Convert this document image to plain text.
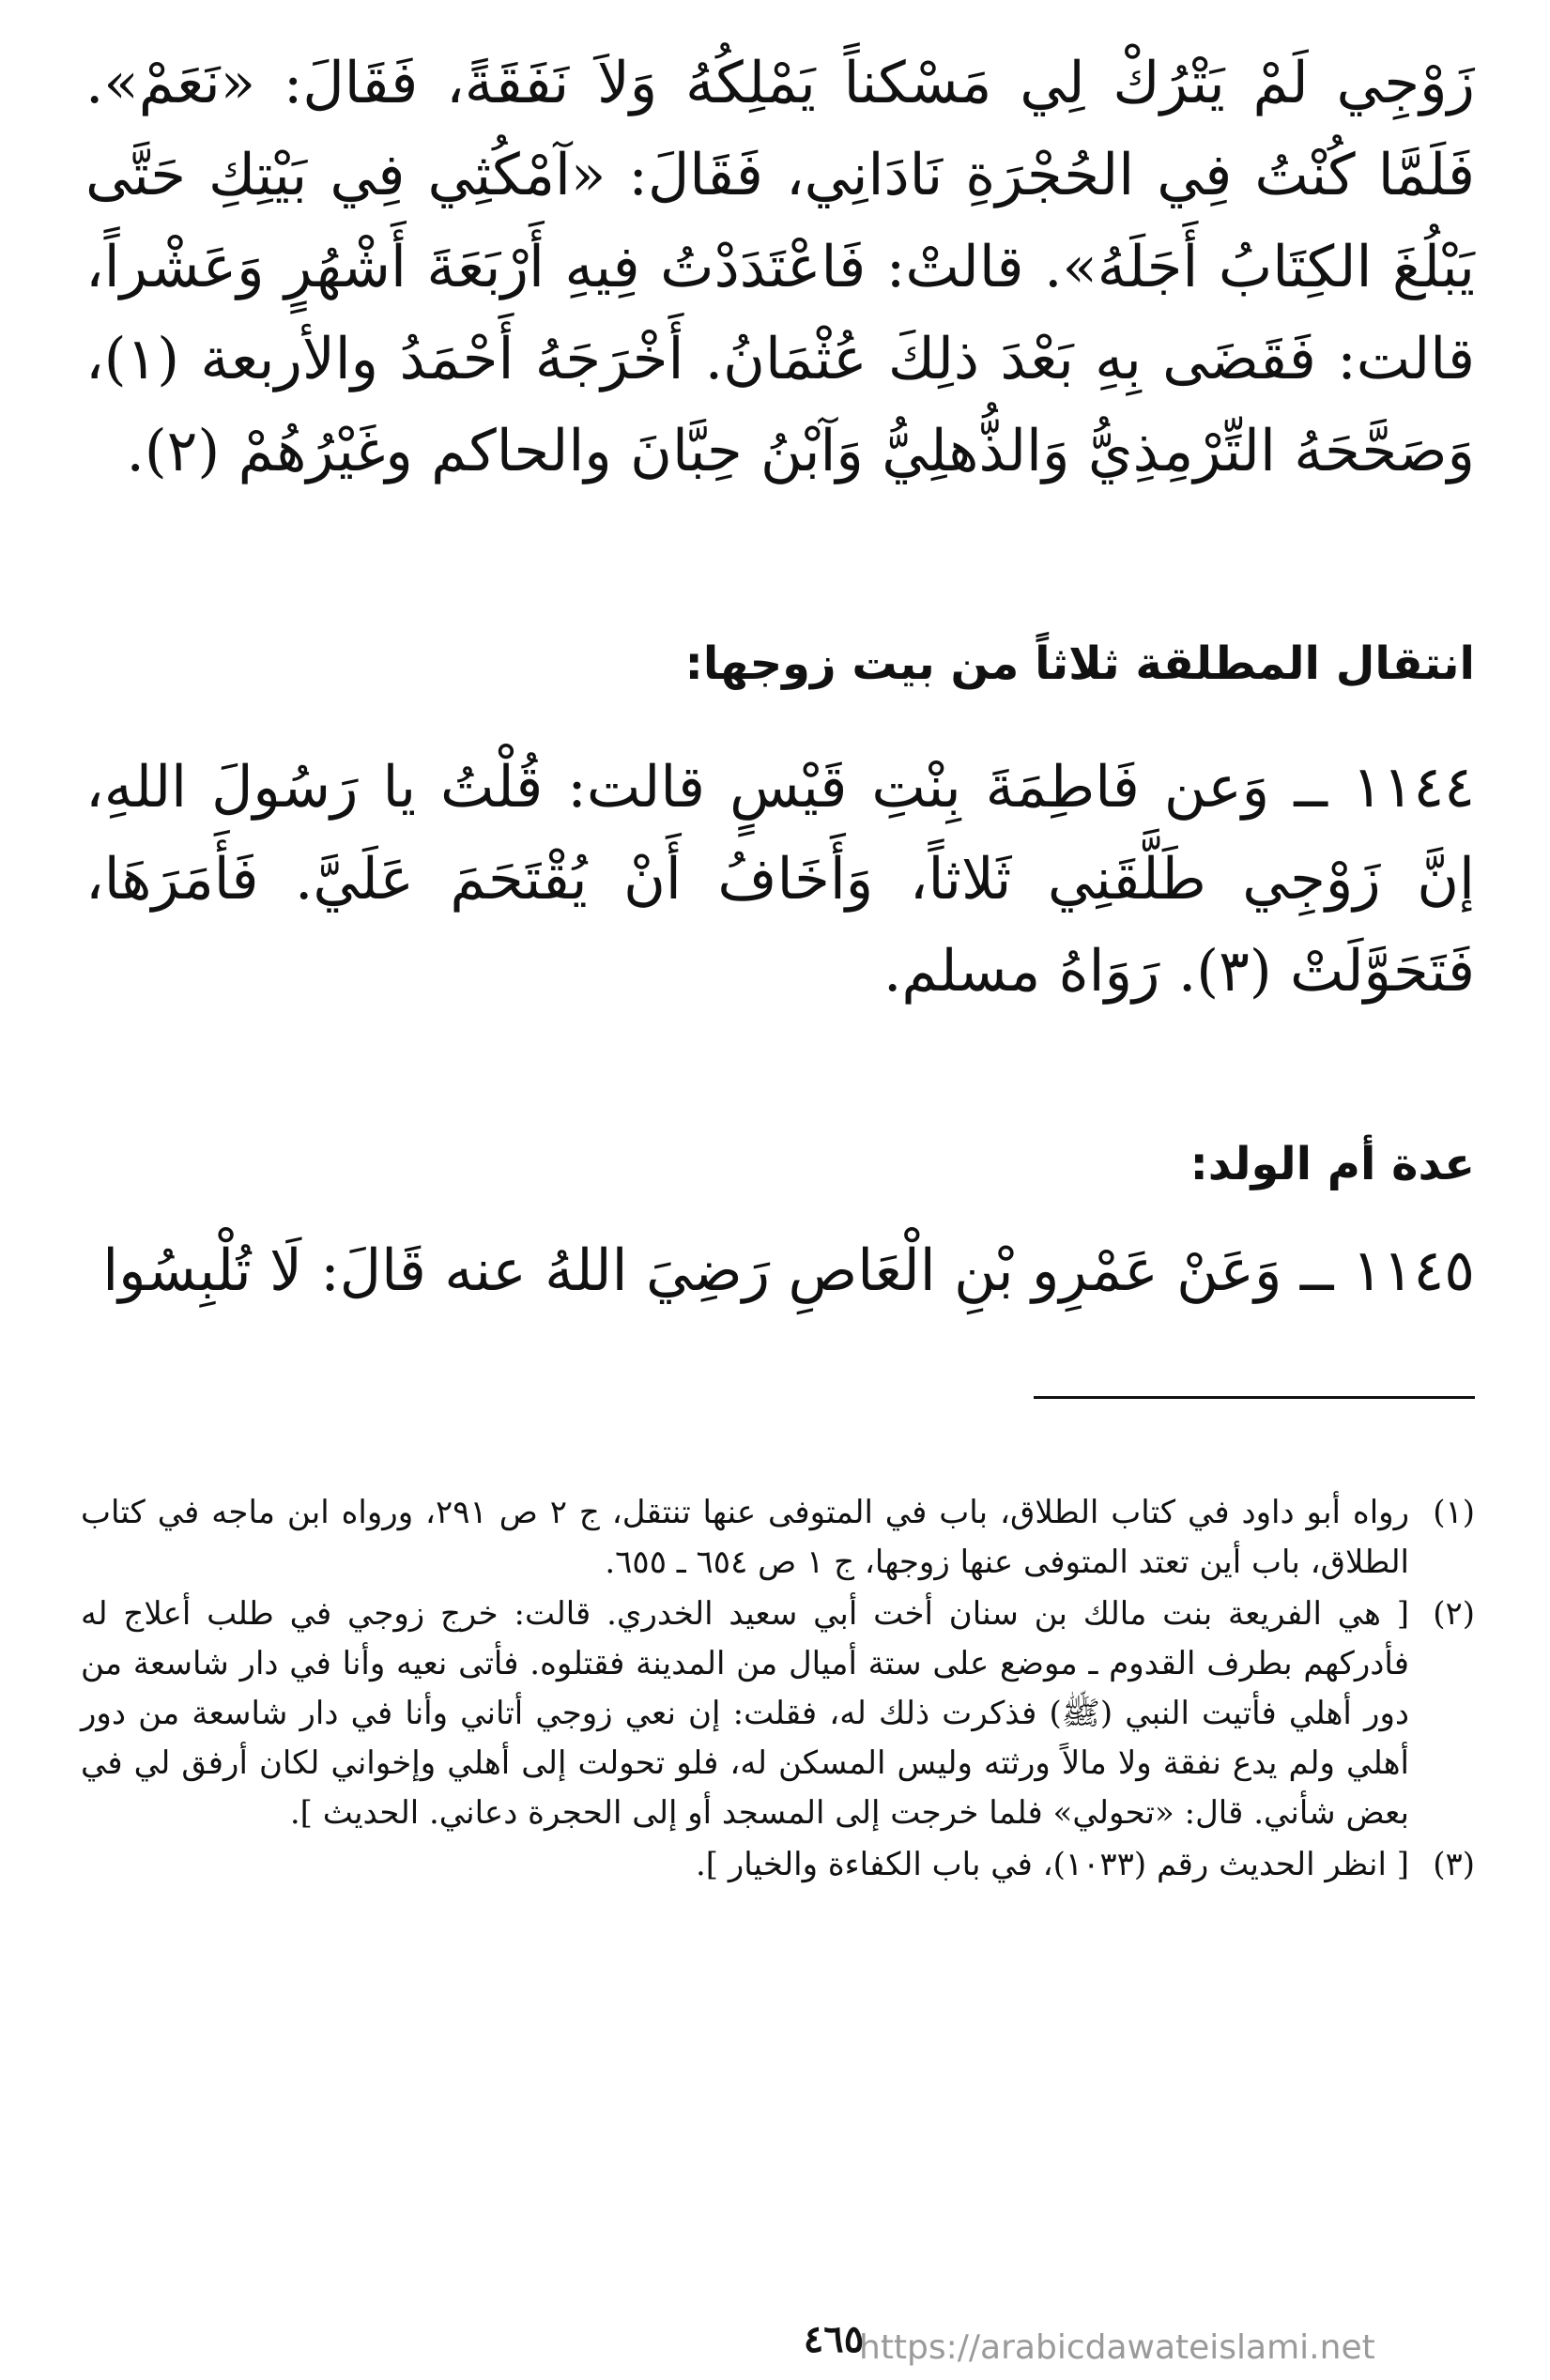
زَوْجِي لَمْ يَتْرُكْ لِي مَسْكناً يَمْلِكُهُ وَلاَ نَفَقَةً، فَقَالَ: «نَعَمْ». فَلَمَّا كُنْتُ فِي الحُجْرَةِ نَادَانِي، فَقَالَ: «آمْكُثِي فِي بَيْتِكِ حَتَّى يَبْلُغَ الكِتَابُ أَجَلَهُ». قالتْ: فَاعْتَدَدْتُ فِيهِ أَرْبَعَةَ أَشْهُرٍ وَعَشْراً، قالت: فَقَضَى بِهِ بَعْدَ ذلِكَ عُثْمَانُ. أَخْرَجَهُ أَحْمَدُ والأربعة (١)، وَصَحَّحَهُ التِّرْمِذِيُّ وَالذُّهلِيُّ وَآبْنُ حِبَّانَ والحاكم وغَيْرُهُمْ (٢).

انتقال المطلقة ثلاثاً من بيت زوجها:

١١٤٤ ــ وَعن فَاطِمَةَ بِنْتِ قَيْسٍ قالت: قُلْتُ يا رَسُولَ اللهِ، إنَّ زَوْجِي طَلَّقَنِي ثَلاثاً، وَأَخَافُ أَنْ يُقْتَحَمَ عَلَيَّ. فَأَمَرَهَا، فَتَحَوَّلَتْ (٣). رَوَاهُ مسلم.

عدة أم الولد:

١١٤٥ ــ وَعَنْ عَمْرِو بْنِ الْعَاصِ رَضِيَ اللهُ عنه قَالَ: لَا تُلْبِسُوا

(١)
رواه أبو داود في كتاب الطلاق، باب في المتوفى عنها تنتقل، ج ٢ ص ٢٩١، ورواه ابن ماجه في كتاب الطلاق، باب أين تعتد المتوفى عنها زوجها، ج ١ ص ٦٥٤ ـ ٦٥٥.
(٢)
[ هي الفريعة بنت مالك بن سنان أخت أبي سعيد الخدري. قالت: خرج زوجي في طلب أعلاج له فأدركهم بطرف القدوم ـ موضع على ستة أميال من المدينة فقتلوه. فأتى نعيه وأنا في دار شاسعة من دور أهلي فأتيت النبي (ﷺ) فذكرت ذلك له، فقلت: إن نعي زوجي أتاني وأنا في دار شاسعة من دور أهلي ولم يدع نفقة ولا مالاً ورثته وليس المسكن له، فلو تحولت إلى أهلي وإخواني لكان أرفق لي في بعض شأني. قال: «تحولي» فلما خرجت إلى المسجد أو إلى الحجرة دعاني. الحديث ].
(٣)
[ انظر الحديث رقم (١٠٣٣)، في باب الكفاءة والخيار ].
٤٦٥
https://arabicdawateislami.net
